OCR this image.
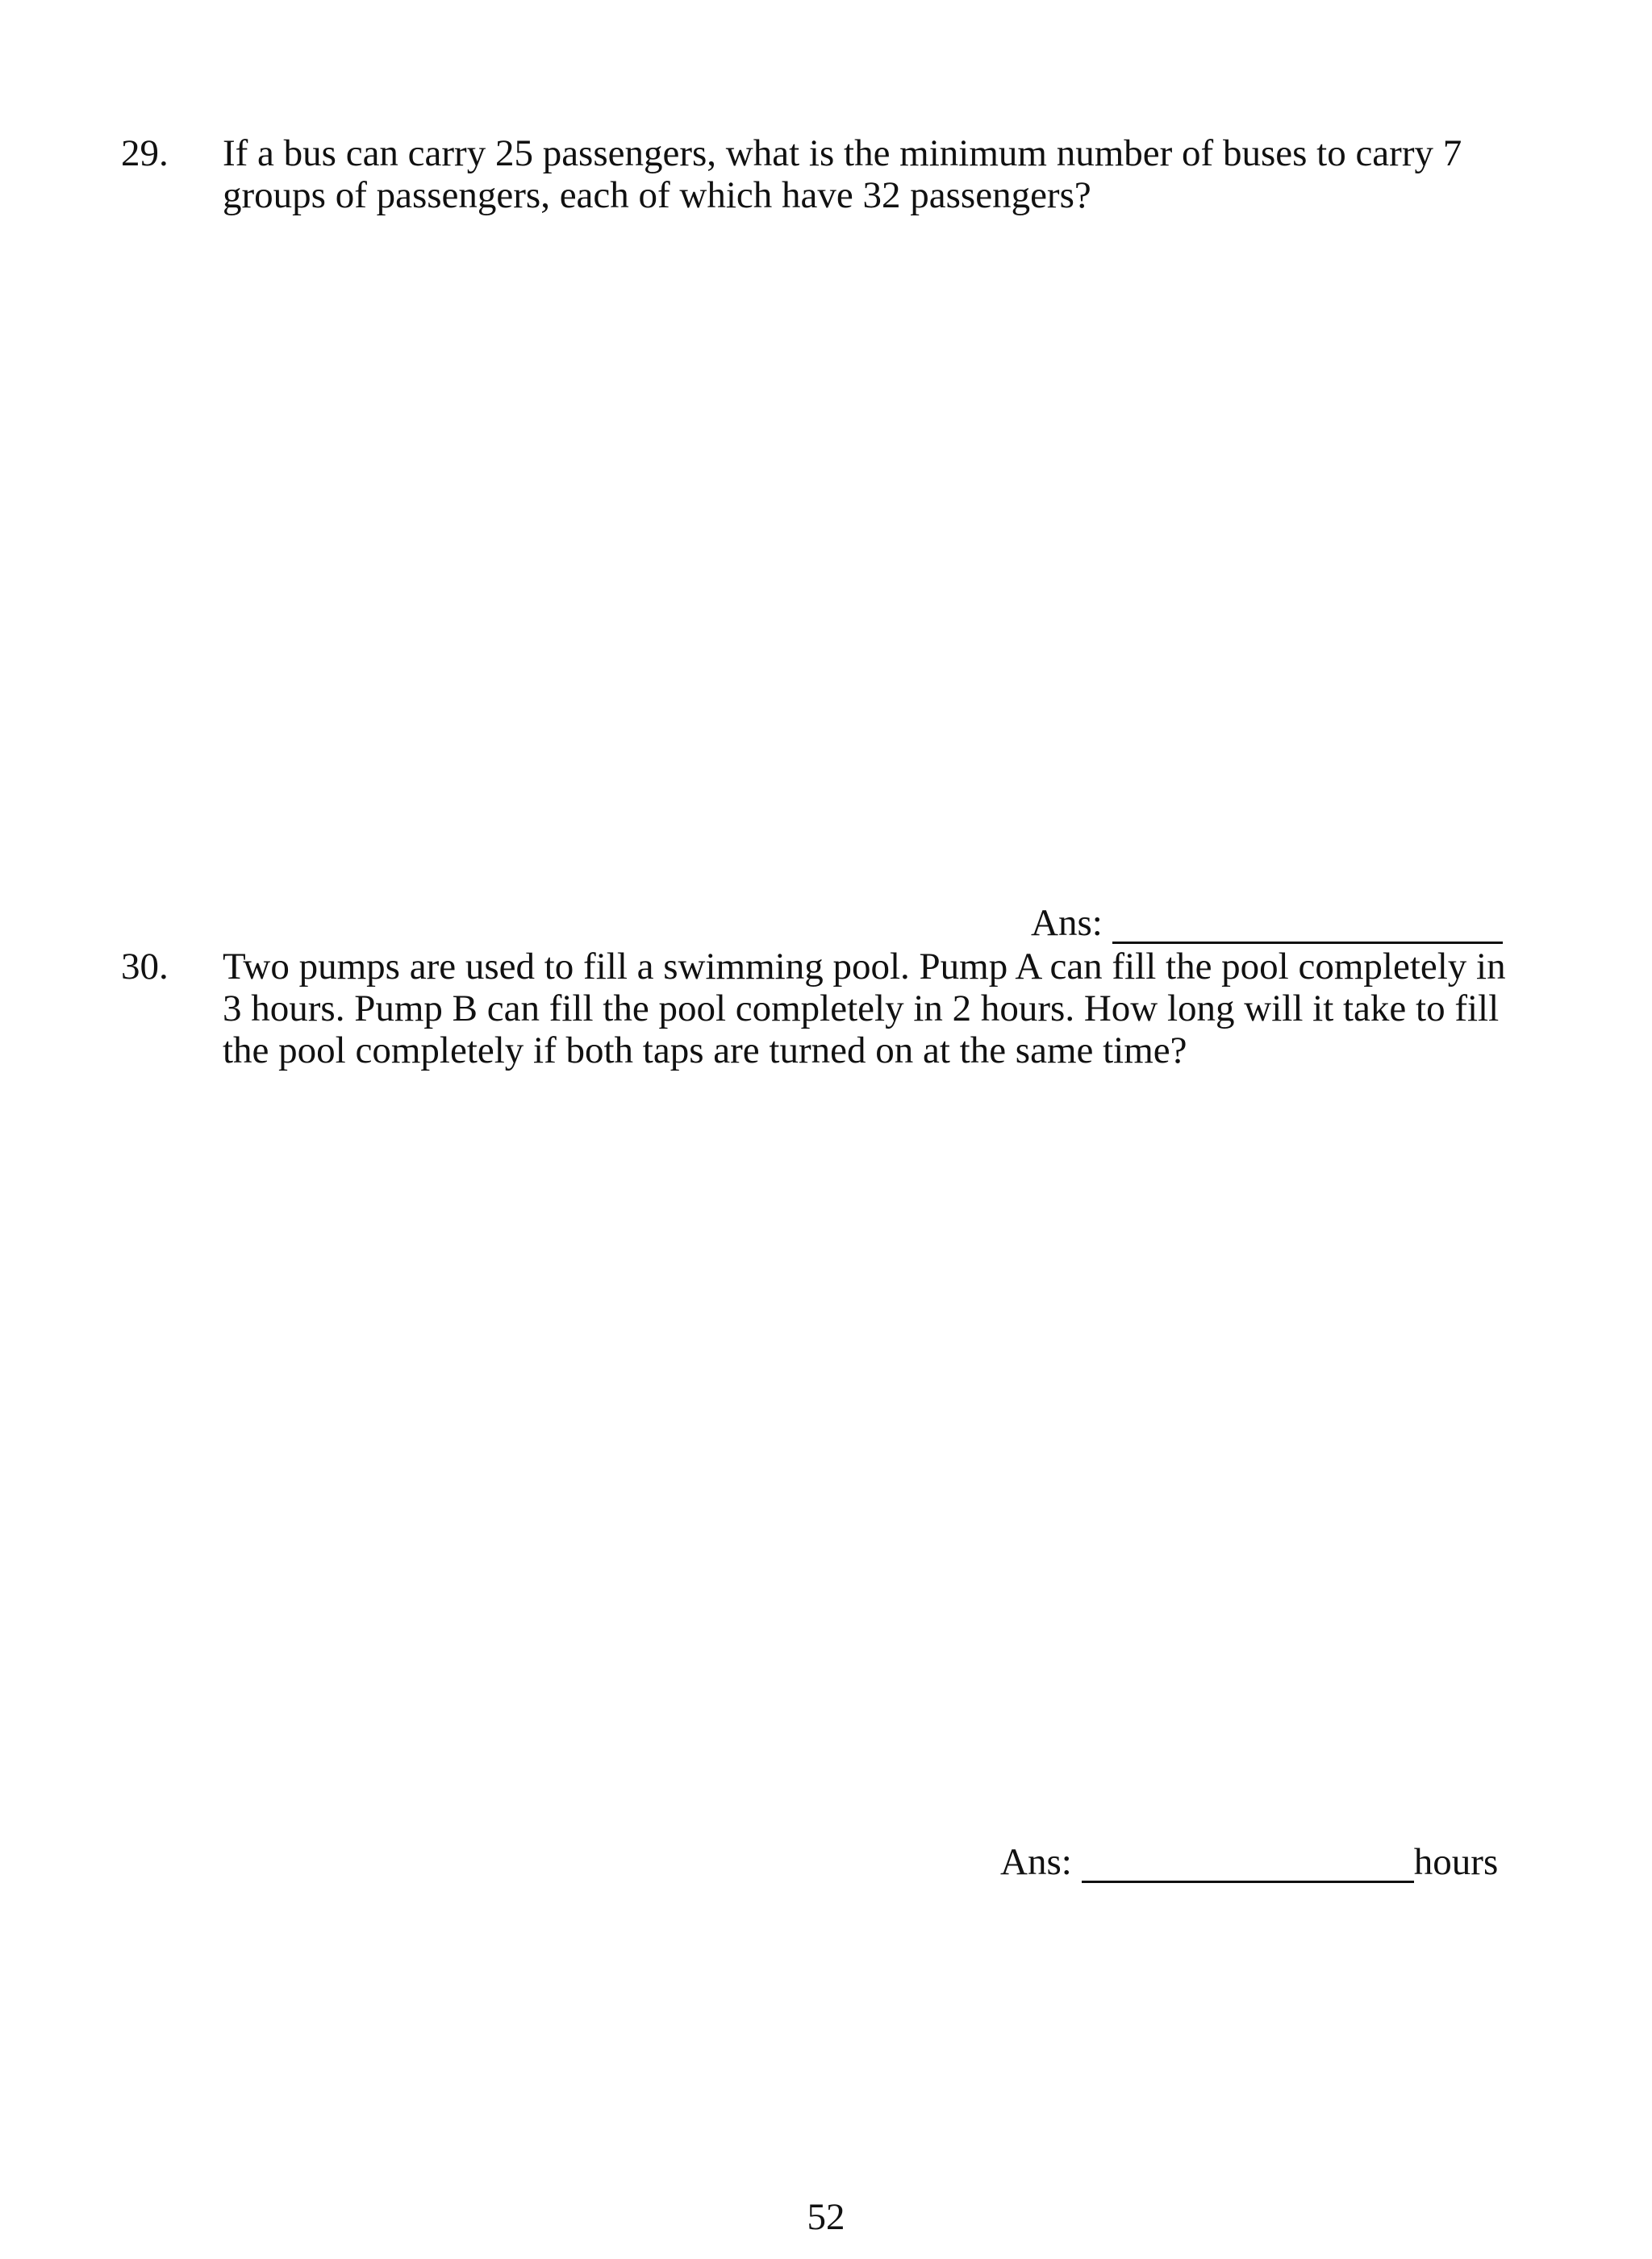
29. If a bus can carry 25 passengers, what is the minimum number of buses to carry 7
groups of passengers, each of which have 32 passengers?
Ans:
30. Two pumps are used to fill a swimming pool. Pump A can fill the pool completely in
3 hours. Pump B can fill the pool completely in 2 hours. How long will it take to fill
the pool completely if both taps are turned on at the same time?
Ans:	hours
52
